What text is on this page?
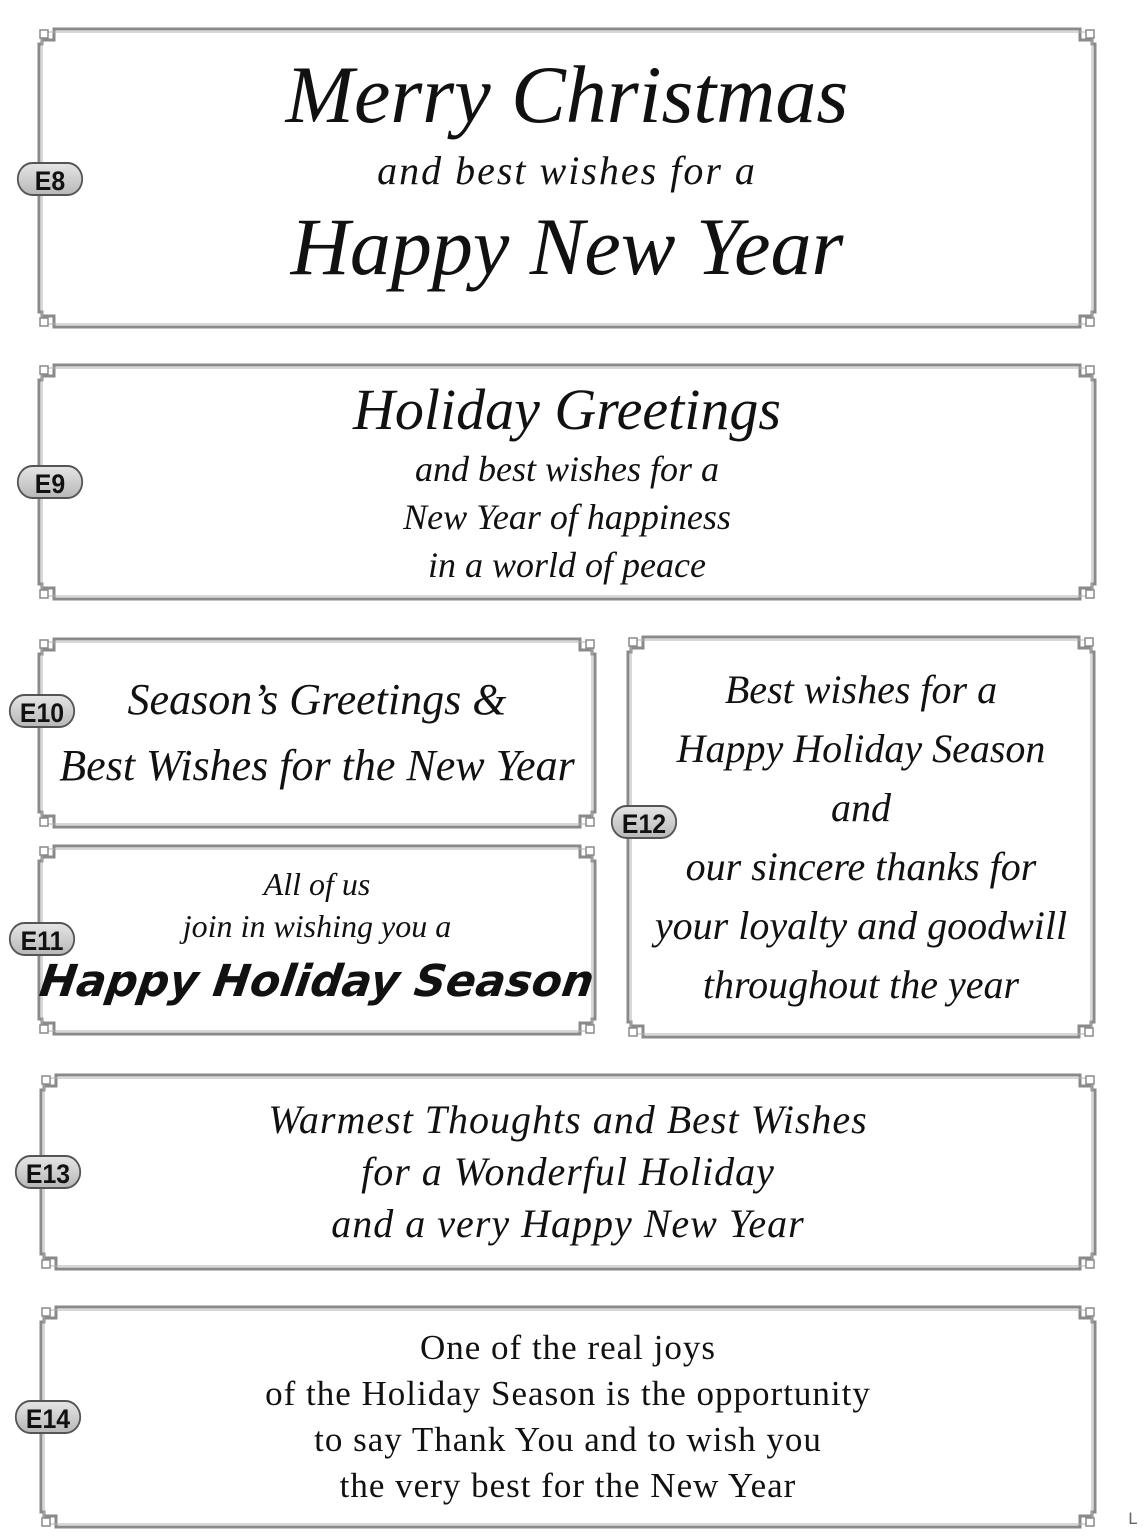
Merry Christmas
and best wishes for a
Happy New Year
E8
Holiday Greetings
and best wishes for a
New Year of happiness
in a world of peace
E9
Season’s Greetings &
Best Wishes for the New Year
E10
All of us
join in wishing you a
Happy Holiday Season
E11
Best wishes for a
Happy Holiday Season
and
our sincere thanks for
your loyalty and goodwill
throughout the year
E12
Warmest Thoughts and Best Wishes
for a Wonderful Holiday
and a very Happy New Year
E13
One of the real joys
of the Holiday Season is the opportunity
to say Thank You and to wish you
the very best for the New Year
E14
L
